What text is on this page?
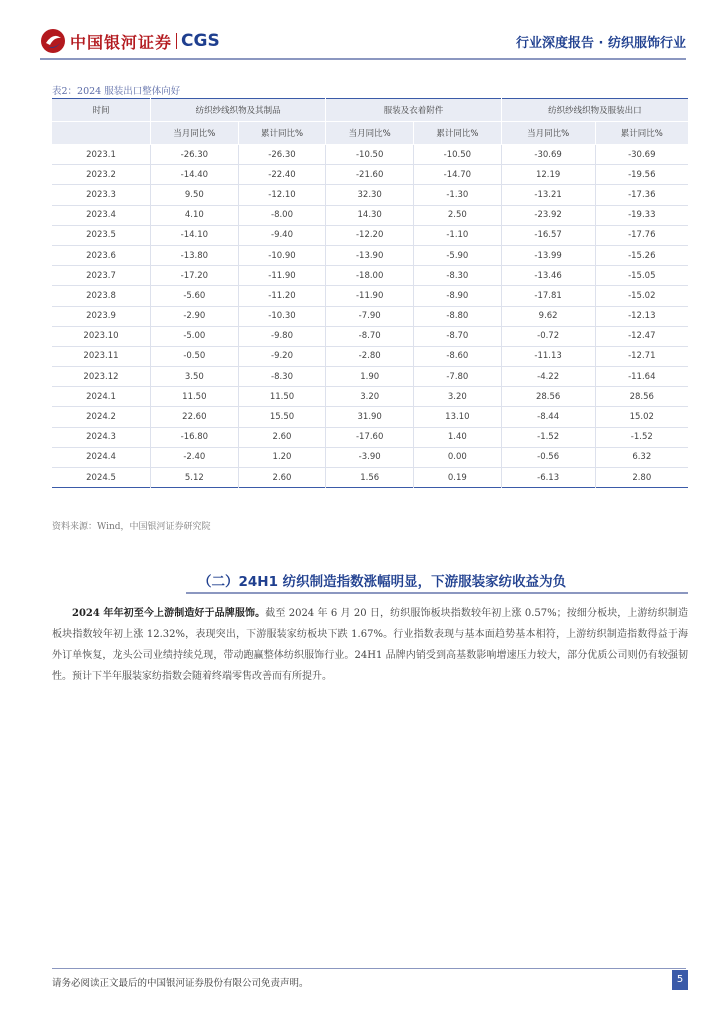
中国银河证券 CGS	行业深度报告 · 纺织服饰行业
表2：2024 服装出口整体向好
时间	纺织纱线织物及其制品		服装及衣着附件		纺织纱线织物及服装出口	
	当月同比%	累计同比%	当月同比%	累计同比%	当月同比%	累计同比%
2023.1	-26.30	-26.30	-10.50	-10.50	-30.69	-30.69
2023.2	-14.40	-22.40	-21.60	-14.70	12.19	-19.56
2023.3	9.50	-12.10	32.30	-1.30	-13.21	-17.36
2023.4	4.10	-8.00	14.30	2.50	-23.92	-19.33
2023.5	-14.10	-9.40	-12.20	-1.10	-16.57	-17.76
2023.6	-13.80	-10.90	-13.90	-5.90	-13.99	-15.26
2023.7	-17.20	-11.90	-18.00	-8.30	-13.46	-15.05
2023.8	-5.60	-11.20	-11.90	-8.90	-17.81	-15.02
2023.9	-2.90	-10.30	-7.90	-8.80	9.62	-12.13
2023.10	-5.00	-9.80	-8.70	-8.70	-0.72	-12.47
2023.11	-0.50	-9.20	-2.80	-8.60	-11.13	-12.71
2023.12	3.50	-8.30	1.90	-7.80	-4.22	-11.64
2024.1	11.50	11.50	3.20	3.20	28.56	28.56
2024.2	22.60	15.50	31.90	13.10	-8.44	15.02
2024.3	-16.80	2.60	-17.60	1.40	-1.52	-1.52
2024.4	-2.40	1.20	-3.90	0.00	-0.56	6.32
2024.5	5.12	2.60	1.56	0.19	-6.13	2.80
资料来源：Wind，中国银河证券研究院
（二）24H1 纺织制造指数涨幅明显，下游服装家纺收益为负
2024 年年初至今上游制造好于品牌服饰。截至 2024 年 6 月 20 日，纺织服饰板块指数较年初上涨 0.57%；按细分板块，上游纺织制造板块指数较年初上涨 12.32%，表现突出，下游服装家纺板块下跌 1.67%。行业指数表现与基本面趋势基本相符，上游纺织制造指数得益于海外订单恢复，龙头公司业绩持续兑现，带动跑赢整体纺织服饰行业。24H1 品牌内销受到高基数影响增速压力较大，部分优质公司则仍有较强韧性。预计下半年服装家纺指数会随着终端零售改善而有所提升。
请务必阅读正文最后的中国银河证券股份有限公司免责声明。	5
